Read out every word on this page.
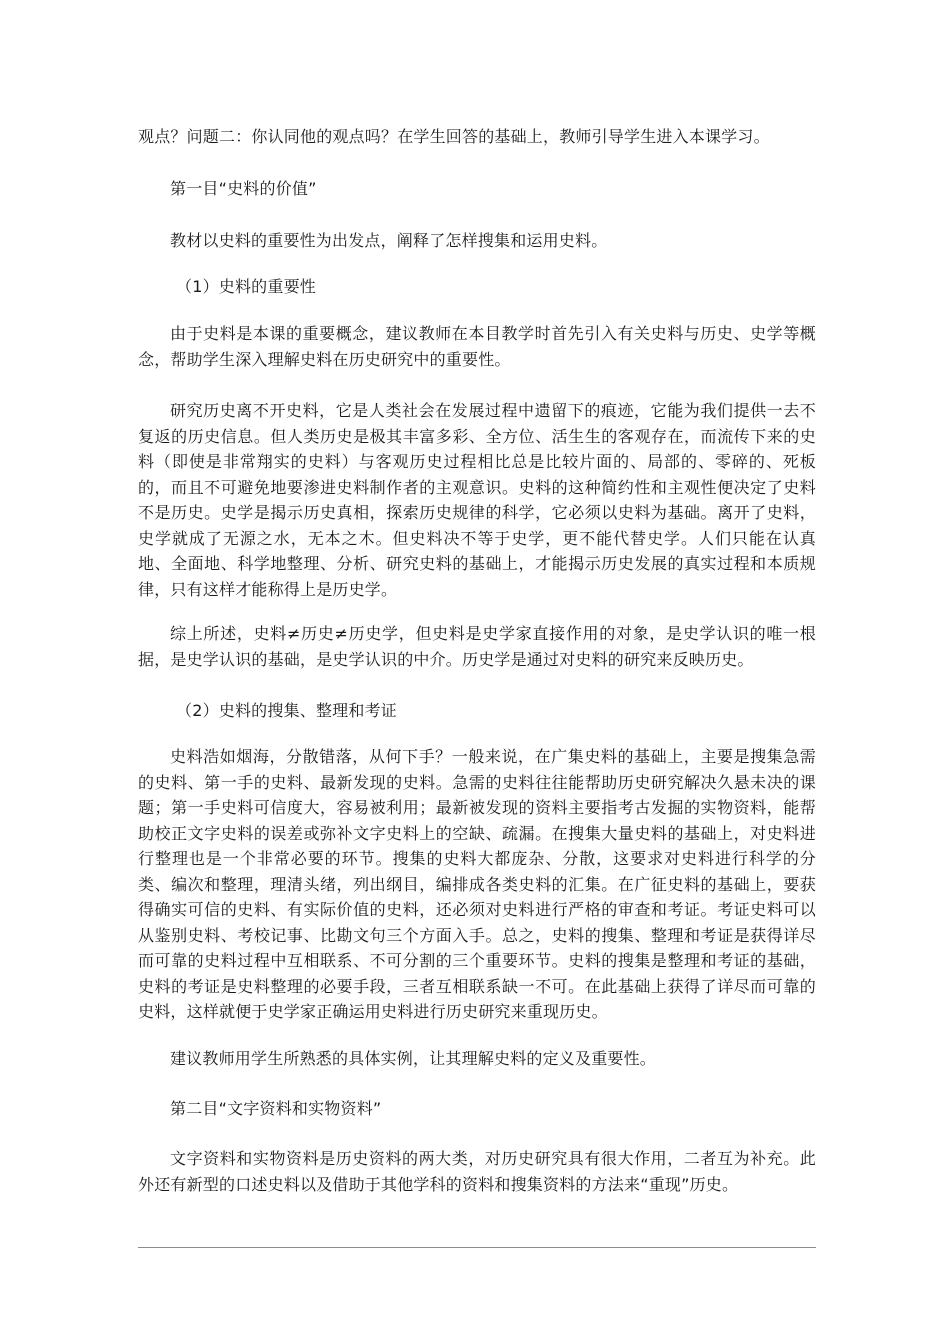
观点？问题二：你认同他的观点吗？在学生回答的基础上，教师引导学生进入本课学习。

第一目“史料的价值”

教材以史料的重要性为出发点，阐释了怎样搜集和运用史料。

（1）史料的重要性

由于史料是本课的重要概念，建议教师在本目教学时首先引入有关史料与历史、史学等概念，帮助学生深入理解史料在历史研究中的重要性。

研究历史离不开史料，它是人类社会在发展过程中遗留下的痕迹，它能为我们提供一去不复返的历史信息。但人类历史是极其丰富多彩、全方位、活生生的客观存在，而流传下来的史料（即使是非常翔实的史料）与客观历史过程相比总是比较片面的、局部的、零碎的、死板的，而且不可避免地要渗进史料制作者的主观意识。史料的这种简约性和主观性便决定了史料不是历史。史学是揭示历史真相，探索历史规律的科学，它必须以史料为基础。离开了史料，史学就成了无源之水，无本之木。但史料决不等于史学，更不能代替史学。人们只能在认真地、全面地、科学地整理、分析、研究史料的基础上，才能揭示历史发展的真实过程和本质规律，只有这样才能称得上是历史学。

综上所述，史料≠历史≠历史学，但史料是史学家直接作用的对象，是史学认识的唯一根据，是史学认识的基础，是史学认识的中介。历史学是通过对史料的研究来反映历史。

（2）史料的搜集、整理和考证

史料浩如烟海，分散错落，从何下手？一般来说，在广集史料的基础上，主要是搜集急需的史料、第一手的史料、最新发现的史料。急需的史料往往能帮助历史研究解决久悬未决的课题；第一手史料可信度大，容易被利用；最新被发现的资料主要指考古发掘的实物资料，能帮助校正文字史料的误差或弥补文字史料上的空缺、疏漏。在搜集大量史料的基础上，对史料进行整理也是一个非常必要的环节。搜集的史料大都庞杂、分散，这要求对史料进行科学的分类、编次和整理，理清头绪，列出纲目，编排成各类史料的汇集。在广征史料的基础上，要获得确实可信的史料、有实际价值的史料，还必须对史料进行严格的审查和考证。考证史料可以从鉴别史料、考校记事、比勘文句三个方面入手。总之，史料的搜集、整理和考证是获得详尽而可靠的史料过程中互相联系、不可分割的三个重要环节。史料的搜集是整理和考证的基础，史料的考证是史料整理的必要手段，三者互相联系缺一不可。在此基础上获得了详尽而可靠的史料，这样就便于史学家正确运用史料进行历史研究来重现历史。

建议教师用学生所熟悉的具体实例，让其理解史料的定义及重要性。

第二目“文字资料和实物资料”

文字资料和实物资料是历史资料的两大类，对历史研究具有很大作用，二者互为补充。此外还有新型的口述史料以及借助于其他学科的资料和搜集资料的方法来“重现”历史。
